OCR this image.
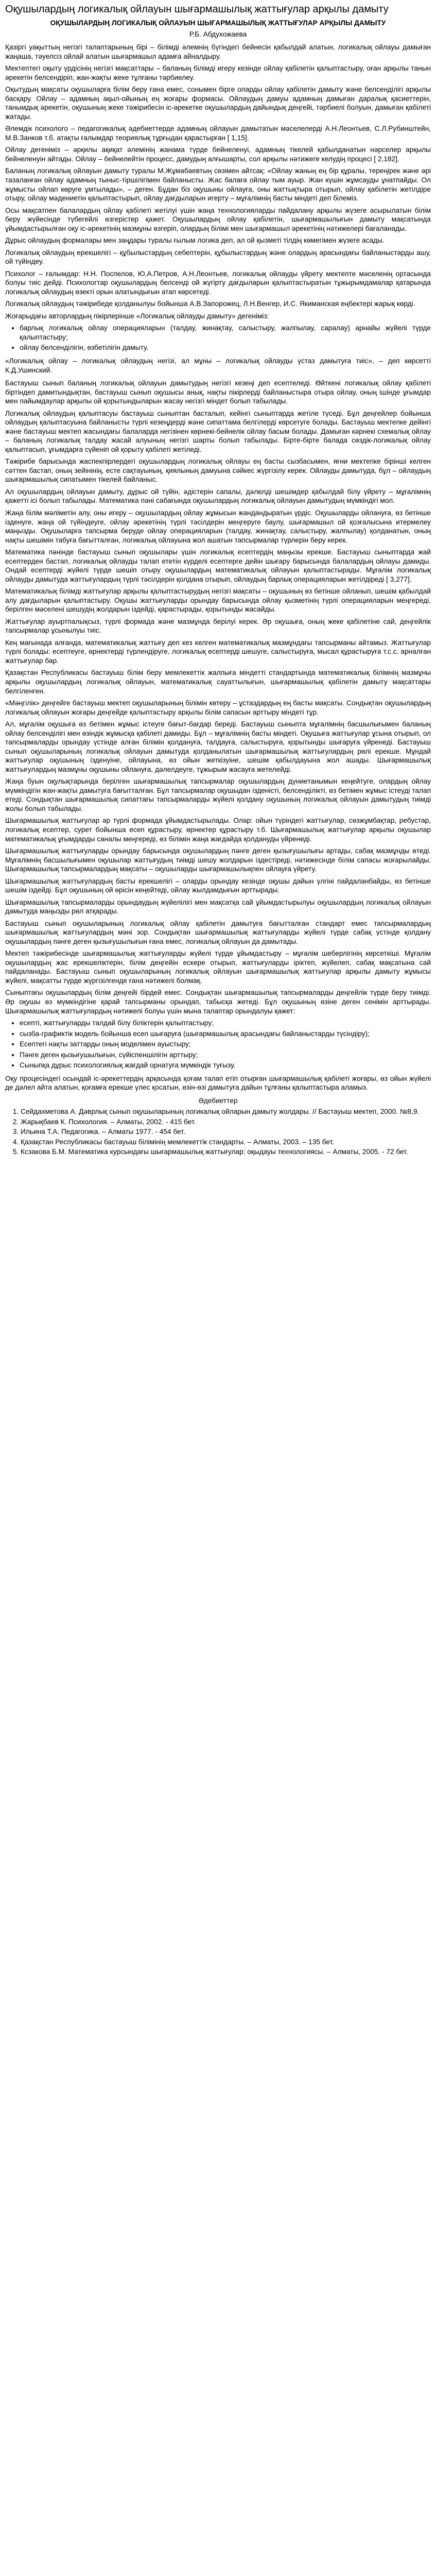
Оқушылардың логикалық ойлауын шығармашылық жаттығулар арқылы дамыту
ОҚУШЫЛАРДЫҢ ЛОГИКАЛЫҚ ОЙЛАУЫН ШЫҒАРМАШЫЛЫҚ ЖАТТЫҒУЛАР АРҚЫЛЫ ДАМЫТУ
Р.Б. Абдухожаева

Қазіргі уақыттың негізгі талаптарының бірі – білімді әлемнің бүгіндегі бейнесін қабылдай алатын, логикалық ойлауы дамыған жаңаша, тәуелсіз ойлай алатын шығармашыл адамға айналдыру.

Мектептегі оқыту үрдісінің негізгі мақсаттары – баланың білімді игеру кезінде ойлау қабілетін қалыптастыру, оған арқылы танын әрекетін белсендіріп, жан-жақты жеке тұлғаны тәрбиелеу.

Оқытудың мақсаты оқушыларға білім беру ғана емес, сонымен бірге оларды ойлау қабілетін дамыту және белсенділігі арқылы басқару. Ойлау – адамның ақыл-ойының ең жоғары формасы. Ойлаудың дамуы адамның дамыған даралық қасиеттерін, танымдық әрекетін, оқушының жеке тәжірибесін іс-әрекетке оқушылардың дайындық деңгейі, тәрбиелі болуын, дамыған қабілеті жатады.

Әлемдік психолого – педагогикалық әдебиеттерде адамның ойлауын дамытатын мәселелерді А.Н.Леонтьев, С.Л.Рубинштейн, М.В.Занков т.б. атақты ғалымдар теориялық тұрғыдан қарастырған [ 1,15].

Ойлау дегеніміз – әрқилы ақиқат әлемінің жанама түрде бейнеленуі, адамның тікелей қабылданатын нәрселер арқылы бейнеленуін айтады. Ойлау – бейнелейтін процесс, дамудың алғышарты, сол арқылы нәтижеге келудің процесі [ 2,182].

Баланың логикалық ойлауын дамыту туралы М.Жұмабаевтың сөзімен айтсақ: «Ойлау жаның ең бір құралы, тереңірек және әрі тазаланған ойлау адамның тыныс-тіршілігімен байланысты. Жас балаға ойлау тым ауыр. Жан күшін жұмсауды ұнатпайды. Ол жұмысты ойлап көруге ұмтылады», – деген. Бұдан біз оқушыны ойлауға, оны жаттықтыра отырып, ойлау қабілетін жетілдіре отыру, ойлау мәдениетін қалыптастырып, ойлау дағдыларын игерту – мұғалімнің басты міндеті деп білеміз.

Осы мақсатпен балалардың ойлау қабілеті жетілуі үшін жаңа технологияларды пайдалану арқылы жүзеге асырылатын білім беру жүйесінде түбегейлі өзгерістер қажет. Оқушылардың ойлау қабілетін, шығармашылығын дамыту мақсатында ұйымдастырылған оқу іс-әрекетінің мазмұны өзгеріп, олардың білімі мен шығармашыл әрекетінің нәтижелері бағаланады.

Дұрыс ойлаудың формалары мен заңдары туралы ғылым логика деп, ал ой қызметі тілдің көмегімен жүзеге асады.

Логикалық ойлаудың ерекшелігі – құбылыстардың себептерін, құбылыстардың және олардың арасындағы байланыстарды ашу, ой түйіндеу.

Психолог – ғалымдар: Н.Н. Поспелов, Ю.А.Петров, А.Н.Леонтьев, логикалық ойлауды үйрету мектепте мәселенің ортасында болуы тиіс дейді. Психологтар оқушылардың белсенді ой жүгірту дағдыларын қалыптастыратын тұжырымдамалар қатарында логикалық ойлаудың өзекті орын алатындығын атап көрсетеді.

Логикалық ойлаудың тәжірибеде қолданылуы бойынша А.В.Запорожец, Л.Н.Венгер, И.С. Якиманская еңбектері жарық көрді.

Жоғарыдағы авторлардың пікірлерінше «Логикалық ойлауды дамыту» дегеніміз:

• барлық логикалық ойлау операцияларын (талдау, жинақтау, салыстыру, жалпылау, саралау) арнайы жүйелі түрде қалыптастыру;
• ойлау белсенділігін, өзбетілігін дамыту.

«Логикалық ойлау – логикалық ойлаудың негізі, ал мұны – логикалық ойлауды үстаз дамытуға тиіс», – деп көрсетті К.Д.Ушинский.

Бастауыш сынып баланың логикалық ойлауын дамытудың негізгі кезеңі деп есептеледі. Өйткені логикалық ойлау қабілеті біртіндеп дамитындықтан, бастауыш сынып оқушысы анық, нақты пікірлерді байланыстыра отыра ойлау, оның ішінде ұғымдар мен пайымдаулар арқылы ой қорытындыларын жасау негізгі міндет болып табылады.

Логикалық ойлаудың қалыптасуы бастауыш сыныптан басталып, кейінгі сыныптарда жетіле түседі. Бұл деңгейлер бойынша ойлаудың қалыптасуына байланысты түрлі кезеңдерді және сипаттама белгілерді көрсетуге болады. Бастауыш мектепке дейінгі және бастауыш мектеп жасындағы балаларда негізінен көрнекі-бейнелік ойлау басым болады. Дамыған кәрнекі схемалық ойлау – баланың логикалық талдау жасай алуының негізгі шарты болып табылады. Бірте-бірте балада сөздік-логикалық ойлау қалыптасып, ұғымдарға сүйеніп ой қорыту қабілеті жетіледі.

Тәжірибе барысында жаспекпірлердегі оқушылардың логикалық ойлауы ең басты сызбасымен, яғни мектепке бірінші келген сәттен бастап, оның зейінінің, есте сақтауының, қиялының дамуына сәйкес жүргізілу керек. Ойлауды дамытуда, бұл – ойлаудың шығармашылық сипатымен тікелей байланыс.

Ал оқушылардың ойлауын дамыту, дұрыс ой түйін, әдістерін сапалы, дәлелді шешімдер қабылдай білу үйрету – мұғалімнің қажетті ісі болып табылады. Математика пәні сабағында оқушылардың логикалық ойлауын дамытудың мүмкіндігі мол.

Жаңа білім мәліметін алу, оны игеру – оқушылардың ойлау жұмысын жандандыратын үрдіс. Оқушыларды ойлануға, өз бетінше ізденуге, жаңа ой түйіндеуге, ойлау әрекетінің түрлі тәсілдерін меңгеруге баулу, шығармашыл ой қозғалысына итермелеу маңызды. Оқушыларға тапсырма беруде ойлау операцияларын (талдау, жинақтау, салыстыру, жалпылау) қолданатын, оның нақты шешімін табуға бағытталған, логикалық ойлауына жол ашатын тапсырмалар түрлерін беру керек.

Математика пәнінде бастауыш сынып оқушылары үшін логикалық есептердің маңызы ерекше. Бастауыш сыныптарда жай есептерден бастап, логикалық ойлауды талап ететін күрделі есептерге дейін шығару барысында балалардың ойлауы дамиды. Ондай есептерді жүйелі түрде шешіп отыру оқушылардың математикалық ойлауын қалыптастырады. Мұғалім логикалық ойлауды дамытуда жаттығулардың түрлі тәсілдерін қолдана отырып, ойлаудың барлық операцияларын жетілдіреді [ 3,277].

Математикалық білімді жаттығулар арқылы қалыптастырудың негізгі мақсаты – оқушының өз бетінше ойланып, шешім қабылдай алу дағдыларын қалыптастыру. Оқушы жаттығуларды орындау барысында ойлау қызметінің түрлі операцияларын меңгереді, берілген мәселені шешудің жолдарын іздейді, қарастырады, қорытынды жасайды.

Жаттығулар ауыртпалықсыз, түрлі формада және мазмұнда берілуі керек. Әр оқушыға, оның жеке қабілетіне сай, деңгейлік тапсырмалар ұсынылуы тиіс.

Кең мағынада алғанда, математикалық жаттығу деп кез келген математикалық мазмұндағы тапсырманы айтамыз. Жаттығулар түрлі болады: есептеуге, өрнектерді түрлендіруге, логикалық есептерді шешуге, салыстыруға, мысал құрастыруға т.с.с. арналған жаттығулар бар.

Қазақстан Республикасы бастауыш білім беру мемлекеттік жалпыға міндетті стандартында математикалық білімнің мазмұны арқылы оқушылардың логикалық ойлауын, математикалық сауаттылығын, шығармашылық қабілетін дамыту мақсаттары белгіленген.

«Мәңгілік» деңгейге бастауыш мектеп оқушыларының білімін көтеру – ұстаздардың ең басты мақсаты. Сондықтан оқушылардың логикалық ойлауын жоғары деңгейде қалыптастыру арқылы білім сапасын арттыру міндеті тұр.

Ал, мұғалім оқушыға өз бетімен жұмыс істеуге бағыт-бағдар береді. Бастауыш сыныпта мұғалімнің басшылығымен баланың ойлау белсенділігі мен өзіндік жұмысқа қабілеті дамиды. Бұл – мұғалімнің басты міндеті. Оқушыға жаттығулар ұсына отырып, ол тапсырмаларды орындау үстінде алған білімін қолдануға, талдауға, салыстыруға, қорытынды шығаруға үйренеді. Бастауыш сынып оқушыларының логикалық ойлауын дамытуда қолданылатын шығармашылық жаттығулардың рөлі ерекше. Мұндай жаттығулар оқушының ізденуіне, ойлауына, өз ойын жеткізуіне, шешім қабылдауына жол ашады. Шығармашылық жаттығулардың мазмұны оқушыны ойлануға, дәлелдеуге, тұжырым жасауға жетелейді.

Жаңа буын оқулықтарында берілген шығармашылық тапсырмалар оқушылардың дүниетанымын кеңейтуге, олардың ойлау мүмкіндігін жан-жақты дамытуға бағытталған. Бұл тапсырмалар оқушыдан ізденісті, белсенділікті, өз бетімен жұмыс істеуді талап етеді. Сондықтан шығармашылық сипаттағы тапсырмаларды жүйелі қолдану оқушының логикалық ойлауын дамытудың тиімді жолы болып табылады.

Шығармашылық жаттығулар әр түрлі формада ұйымдастырылады. Олар: ойын түріндегі жаттығулар, сөзжұмбақтар, ребустар, логикалық есептер, сурет бойынша есеп құрастыру, өрнектер құрастыру т.б. Шығармашылық жаттығулар арқылы оқушылар математикалық ұғымдарды саналы меңгереді, өз білімін жаңа жағдайда қолдануды үйренеді.

Шығармашылық жаттығуларды орындау барысында оқушылардың пәнге деген қызығушылығы артады, сабақ мазмұнды өтеді. Мұғалімнің басшылығымен оқушылар жаттығудың тиімді шешу жолдарын іздестіреді, нәтижесінде білім сапасы жоғарылайды. Шығармашылық тапсырмалардың мақсаты – оқушыларды шығармашылықпен ойлауға үйрету.

Шығармашылық жаттығулардың басты ерекшелігі – оларды орындау кезінде оқушы дайын үлгіні пайдаланбайды, өз бетінше шешім іздейді. Бұл оқушының ой өрісін кеңейтеді, ойлау жылдамдығын арттырады.

Шығармашылық тапсырмаларды орындаудың жүйелілігі мен мақсатқа сай ұйымдастырылуы оқушылардың логикалық ойлауын дамытуда маңызды рөл атқарады.

Бастауыш сынып оқушыларының логикалық ойлау қабілетін дамытуға бағытталған стандарт емес тапсырмалардың шығармашылық жаттығулардың мәні зор. Сондықтан шығармашылық жаттығуларды жүйелі түрде сабақ үстінде қолдану оқушылардың пәнге деген қызығушылығын ғана емес, логикалық ойлауын да дамытады.

Мектеп тәжірибесінде шығармашылық жаттығуларды жүйелі түрде ұйымдастыру – мұғалім шеберлігінің көрсеткіші. Мұғалім оқушылардың жас ерекшеліктерін, білім деңгейін ескере отырып, жаттығуларды іріктеп, жүйелеп, сабақ мақсатына сай пайдаланады. Бастауыш сынып оқушыларының логикалық ойлауын шығармашылық жаттығулар арқылы дамыту жұмысы жүйелі, мақсатты түрде жүргізілгенде ғана нәтижелі болмақ.

Сыныптағы оқушылардың білім деңгейі бірдей емес. Сондықтан шығармашылық тапсырмаларды деңгейлік түрде беру тиімді. Әр оқушы өз мүмкіндігіне қарай тапсырманы орындап, табысқа жетеді. Бұл оқушының өзіне деген сенімін арттырады. Шығармашылық жаттығулардың нәтижелі болуы үшін мына талаптар орындалуы қажет:

• есепті, жаттығуларды талдай білу біліктерін қалыптастыру;
• сызба-графиктік модель бойынша есеп шығаруға (шығармашылық арасындағы байланыстарды түсіндіру);
• Есептегі нақты заттарды оның моделімен ауыстыру;
• Пәнге деген қызығушылығын, сүйіспеншілігін арттыру;
• Сыныпқа дұрыс психологиялық жағдай орнатуға мүмкіндік туғызу.

Оқу процесіндегі осындай іс-әрекеттердің арқасында қоғам талап етіп отырған шығармашылық қабілеті жоғары, өз ойын жүйелі де дәлел айта алатын, қоғамға ерекше үлес қосатын, өзін-өзі дамытуға дайын тұлғаны қалыптастыра аламыз.

Әдебиеттер
1. Сейдахметова А. Дәврлық сынып оқушыларының логикалық ойларын дамыту жолдары. // Бастауыш мектеп, 2000. №8,9.
2. Жарықбаев К. Психология. – Алматы, 2002. - 415 бет.
3. Ильина Т.А. Педагогика. – Алматы 1977. - 454 бет.
4. Қазақстан Республикасы бастауыш білімінің мемлекеттік стандарты. – Алматы, 2003. – 135 бет.
5. Ксзакова Б.М. Математика курсындағы шығармашылық жаттығулар: оқыдауы технологиясы. – Алматы, 2005. - 72 бет.
